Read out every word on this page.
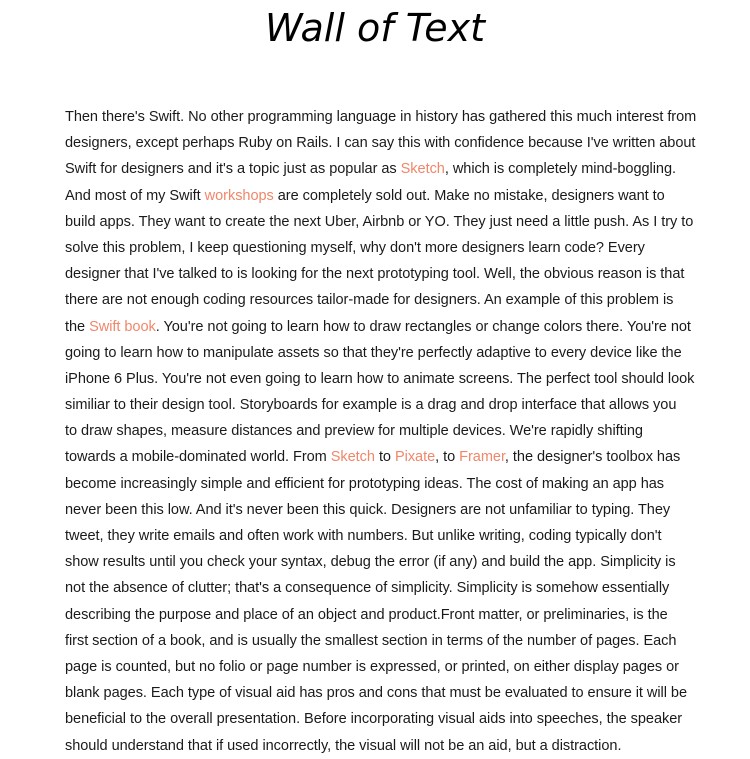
Wall of Text
Then there's Swift. No other programming language in history has gathered this much interest from
designers, except perhaps Ruby on Rails. I can say this with confidence because I've written about
Swift for designers and it's a topic just as popular as Sketch, which is completely mind-boggling.
And most of my Swift workshops are completely sold out. Make no mistake, designers want to
build apps. They want to create the next Uber, Airbnb or YO. They just need a little push. As I try to
solve this problem, I keep questioning myself, why don't more designers learn code? Every
designer that I've talked to is looking for the next prototyping tool. Well, the obvious reason is that
there are not enough coding resources tailor-made for designers. An example of this problem is
the Swift book. You're not going to learn how to draw rectangles or change colors there. You're not
going to learn how to manipulate assets so that they're perfectly adaptive to every device like the
iPhone 6 Plus. You're not even going to learn how to animate screens. The perfect tool should look
similiar to their design tool. Storyboards for example is a drag and drop interface that allows you
to draw shapes, measure distances and preview for multiple devices. We're rapidly shifting
towards a mobile-dominated world. From Sketch to Pixate, to Framer, the designer's toolbox has
become increasingly simple and efficient for prototyping ideas. The cost of making an app has
never been this low. And it's never been this quick. Designers are not unfamiliar to typing. They
tweet, they write emails and often work with numbers. But unlike writing, coding typically don't
show results until you check your syntax, debug the error (if any) and build the app. Simplicity is
not the absence of clutter; that's a consequence of simplicity. Simplicity is somehow essentially
describing the purpose and place of an object and product.Front matter, or preliminaries, is the
first section of a book, and is usually the smallest section in terms of the number of pages. Each
page is counted, but no folio or page number is expressed, or printed, on either display pages or
blank pages. Each type of visual aid has pros and cons that must be evaluated to ensure it will be
beneficial to the overall presentation. Before incorporating visual aids into speeches, the speaker
should understand that if used incorrectly, the visual will not be an aid, but a distraction.
